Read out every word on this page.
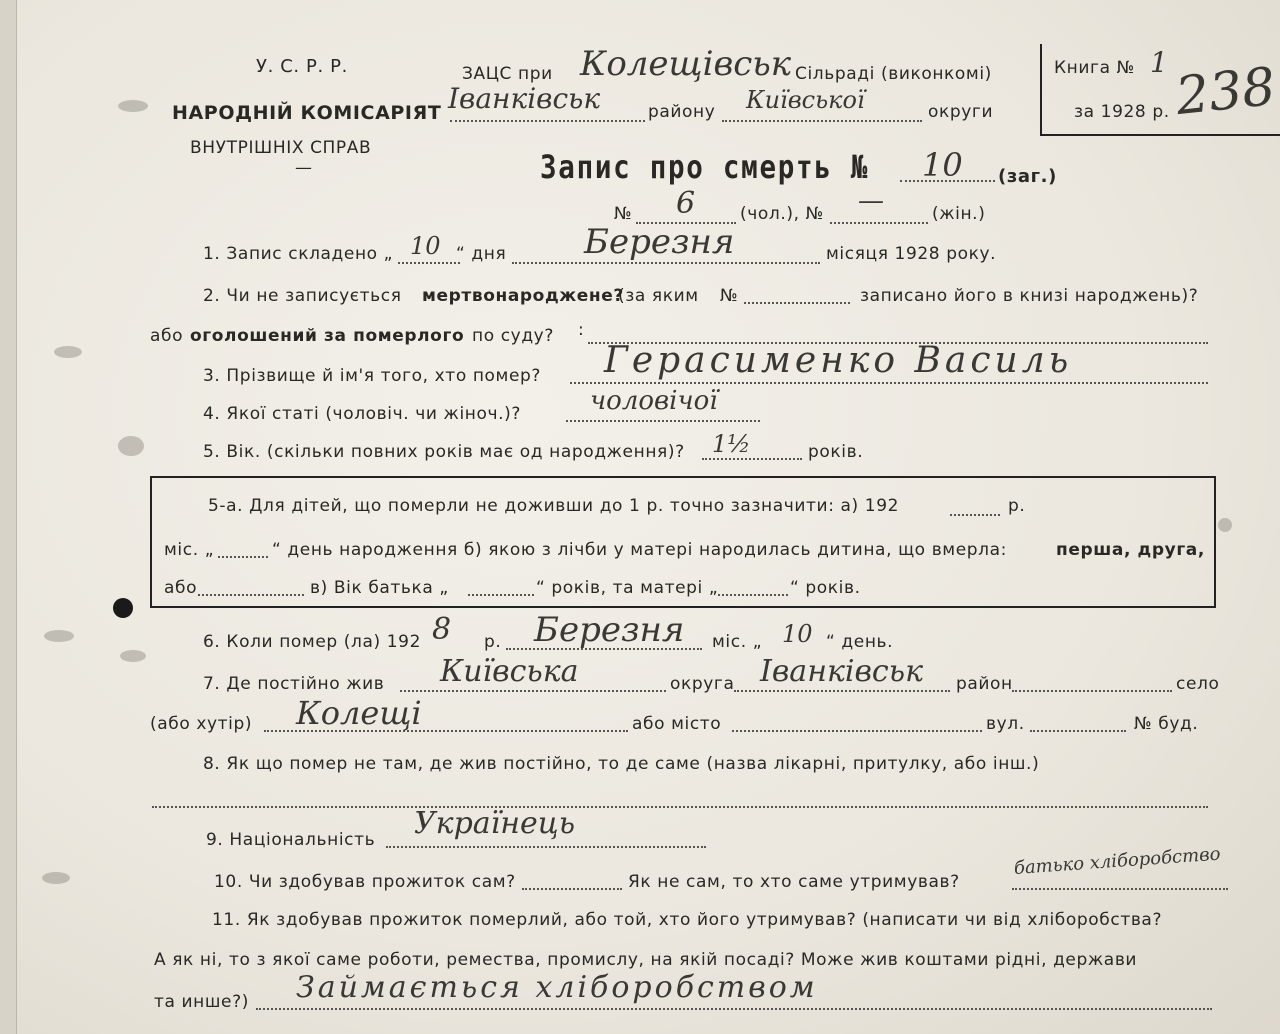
У. С. Р. Р.
НАРОДНІЙ КОМІСАРІЯТ
ВНУТРІШНІХ СПРАВ
—
ЗАЦС при Колещівськ Сільраді (виконкомі)
Іванківськ	району Київської	округи
Книга № 1
за 1928 р. 238
Запис про смерть № 10 (заг.)
№ 6	(чол.), № —	(жін.)
1. Запис складено „ 10 “ дня Березня	місяця 1928 року.
2. Чи не записується мертвонароджене?
(за яким №	записано його в книзі народжень)?
або оголошений за померлого по суду? :
3. Прізвище й ім'я того, хто помер? Герасименко Василь
4. Якої статі (чоловіч. чи жіноч.)?	чоловічої
5. Вік. (скільки повних років має од народження)? 1½	років.
5-а. Для дітей, що померли не доживши до 1 р. точно зазначити: а) 192	р.
міс. „	“ день народження б) якою з лічби у матері народилась дитина, що вмерла:	перша, друга,
або	в) Вік батька „	“ років, та матері „	“ років.
6. Коли помер (ла) 192 8 р. Березня міс. „ 10 “ день.
7. Де постійно жив Київська	округа Іванківськ район	село
(або хутір) Колещі	або місто	вул.	№ буд.
8. Як що помер не там, де жив постійно, то де саме (назва лікарні, притулку, або інш.)
9. Національність Українець
10. Чи здобував прожиток сам?	Як не сам, то хто саме утримував?
батько хліборобство
11. Як здобував прожиток померлий, або той, хто його утримував? (написати чи від хліборобства?
А як ні, то з якої саме роботи, ремества, промислу, на якій посаді? Може жив коштами рідні, держави
та инше?) Займається хліборобством
